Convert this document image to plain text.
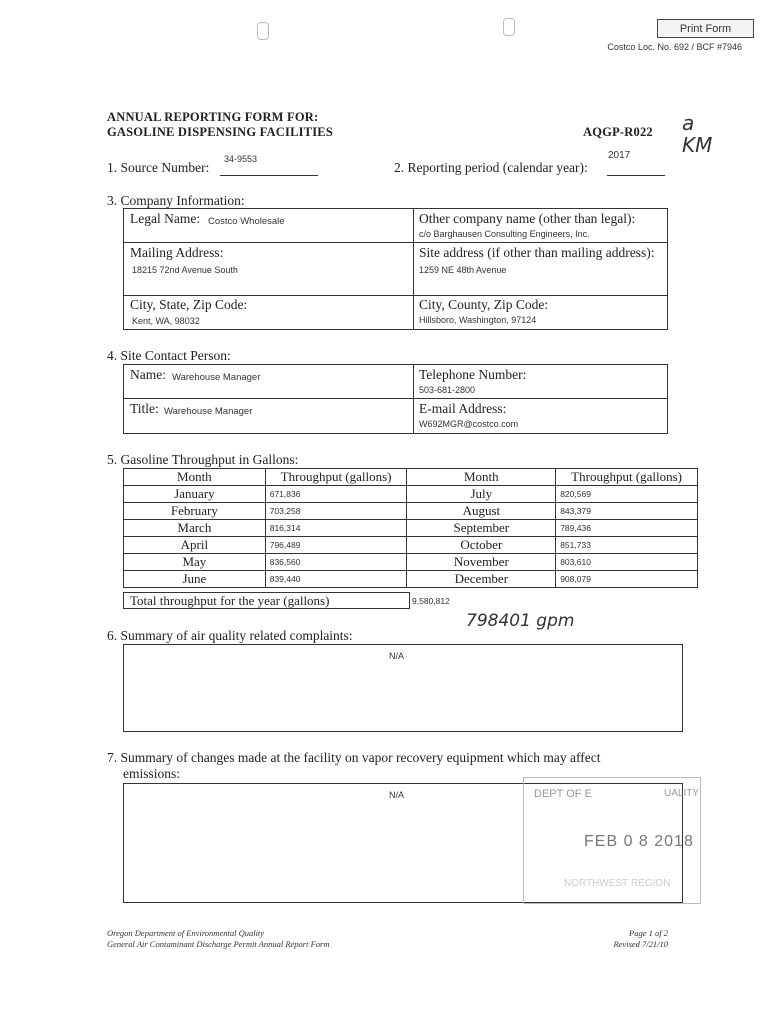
Print Form
Costco Loc. No. 692 / BCF #7946
ANNUAL REPORTING FORM FOR:
GASOLINE DISPENSING FACILITIES	AQGP-R022 a
KM
1. Source Number:
34-9553
2. Reporting period (calendar year):
2017
3. Company Information:
Legal Name: Costco Wholesale	Other company name (other than legal):
c/o Barghausen Consulting Engineers, Inc.
Mailing Address:
18215 72nd Avenue South
Site address (if other than mailing address):
1259 NE 48th Avenue
City, State, Zip Code:
Kent, WA, 98032
City, County, Zip Code:
Hillsboro, Washington, 97124
4. Site Contact Person:
Name: Warehouse Manager	Telephone Number:
503-681-2800
Title: Warehouse Manager	E-mail Address:
W692MGR@costco.com
5. Gasoline Throughput in Gallons:
Month	Throughput (gallons)	Month	Throughput (gallons)
January	671,836	July	820,569
February	703,258	August	843,379
March	816,314	September	789,436
April	796,489	October	851,733
May	836,560	November	803,610
June	839,440	December	908,079
Total throughput for the year (gallons)	9,580,812
798401 gpm
6. Summary of air quality related complaints:
N/A
7. Summary of changes made at the facility on vapor recovery equipment which may affect
emissions:
N/A	DEPT OF E	UALITY
FEB 0 8 2018
NORTHWEST REGION
Oregon Department of Environmental Quality
General Air Contaminant Discharge Permit Annual Report Form
Page 1 of 2
Revised 7/21/10
